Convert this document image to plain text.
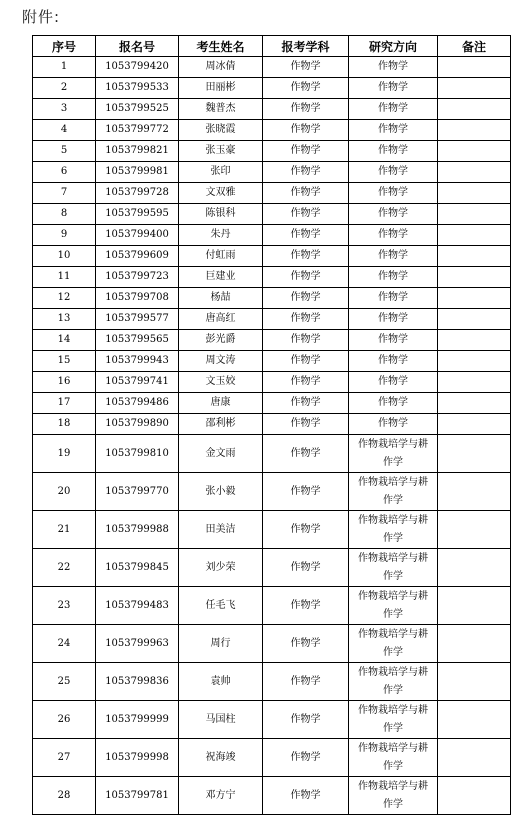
附件:
序号	报名号	考生姓名	报考学科	研究方向	备注
1	1053799420	周冰倩	作物学	作物学	
2	1053799533	田丽彬	作物学	作物学	
3	1053799525	魏普杰	作物学	作物学	
4	1053799772	张晓霞	作物学	作物学	
5	1053799821	张玉豪	作物学	作物学	
6	1053799981	张印	作物学	作物学	
7	1053799728	文双雅	作物学	作物学	
8	1053799595	陈银科	作物学	作物学	
9	1053799400	朱丹	作物学	作物学	
10	1053799609	付虹雨	作物学	作物学	
11	1053799723	巨建业	作物学	作物学	
12	1053799708	杨喆	作物学	作物学	
13	1053799577	唐高红	作物学	作物学	
14	1053799565	彭光爵	作物学	作物学	
15	1053799943	周文涛	作物学	作物学	
16	1053799741	文玉姣	作物学	作物学	
17	1053799486	唐康	作物学	作物学	
18	1053799890	邵利彬	作物学	作物学	
19	1053799810	金文雨	作物学	作物栽培学与耕作学	
20	1053799770	张小毅	作物学	作物栽培学与耕作学	
21	1053799988	田美洁	作物学	作物栽培学与耕作学	
22	1053799845	刘少荣	作物学	作物栽培学与耕作学	
23	1053799483	任毛飞	作物学	作物栽培学与耕作学	
24	1053799963	周行	作物学	作物栽培学与耕作学	
25	1053799836	袁帅	作物学	作物栽培学与耕作学	
26	1053799999	马国柱	作物学	作物栽培学与耕作学	
27	1053799998	祝海竣	作物学	作物栽培学与耕作学	
28	1053799781	邓方宁	作物学	作物栽培学与耕作学	
